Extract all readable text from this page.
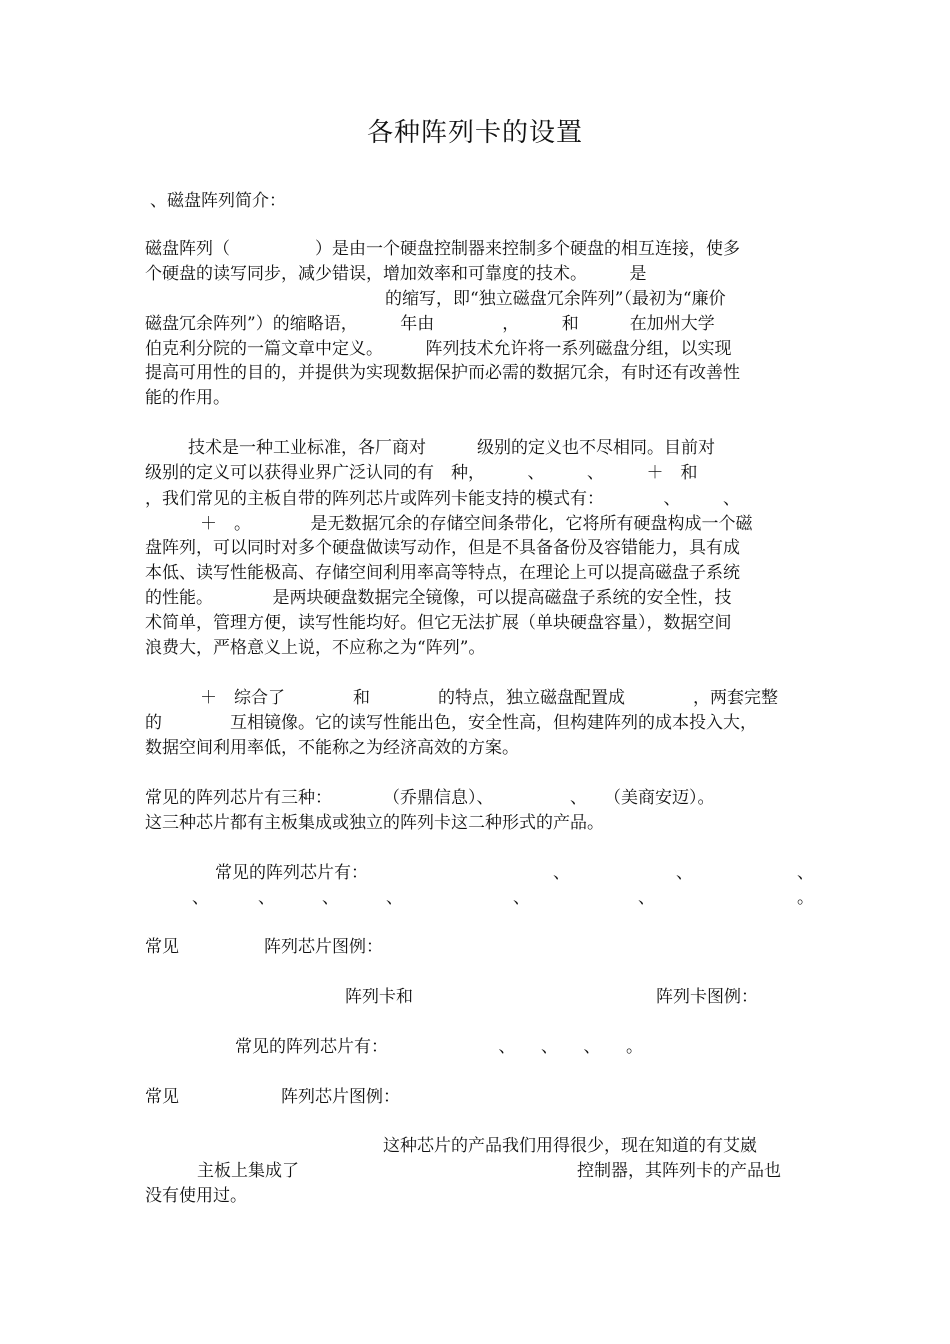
各种阵列卡的设置
、磁盘阵列简介：
磁盘阵列（　　　　　）是由一个硬盘控制器来控制多个硬盘的相互连接，使多
个硬盘的读写同步，减少错误，增加效率和可靠度的技术。　　　是
的缩写，即“独立磁盘冗余阵列”（最初为“廉价
磁盘冗余阵列”）的缩略语，　　　年由　　　　，　　　和　　　在加州大学
伯克利分院的一篇文章中定义。　　　阵列技术允许将一系列磁盘分组，以实现
提高可用性的目的，并提供为实现数据保护而必需的数据冗余，有时还有改善性
能的作用。
技术是一种工业标准，各厂商对　　　级别的定义也不尽相同。目前对
级别的定义可以获得业界广泛认同的有　种，　　　、　　　、　　　＋　和
，我们常见的主板自带的阵列芯片或阵列卡能支持的模式有：　　　　、　　　、
＋　。　　　　是无数据冗余的存储空间条带化，它将所有硬盘构成一个磁
盘阵列，可以同时对多个硬盘做读写动作，但是不具备备份及容错能力，具有成
本低、读写性能极高、存储空间利用率高等特点，在理论上可以提高磁盘子系统
的性能。　　　　是两块硬盘数据完全镜像，可以提高磁盘子系统的安全性，技
术简单，管理方便，读写性能均好。但它无法扩展（单块硬盘容量），数据空间
浪费大，严格意义上说，不应称之为“阵列”。
＋　综合了　　　　和　　　　的特点，独立磁盘配置成　　　　，两套完整
的　　　　互相镜像。它的读写性能出色，安全性高，但构建阵列的成本投入大，
数据空间利用率低，不能称之为经济高效的方案。
常见的阵列芯片有三种：　　　　（乔鼎信息）、　　　　　、　　（美商安迈）。
这三种芯片都有主板集成或独立的阵列卡这二种形式的产品。
常见的阵列芯片有：	、	、	、
、	、	、	、	、	、	。
常见　　　　　阵列芯片图例：
阵列卡和	阵列卡图例：
常见的阵列芯片有：　　　　　　　、　　、　　、　　。
常见　　　　　　阵列芯片图例：
这种芯片的产品我们用得很少，现在知道的有艾崴
主板上集成了	控制器，其阵列卡的产品也
没有使用过。
